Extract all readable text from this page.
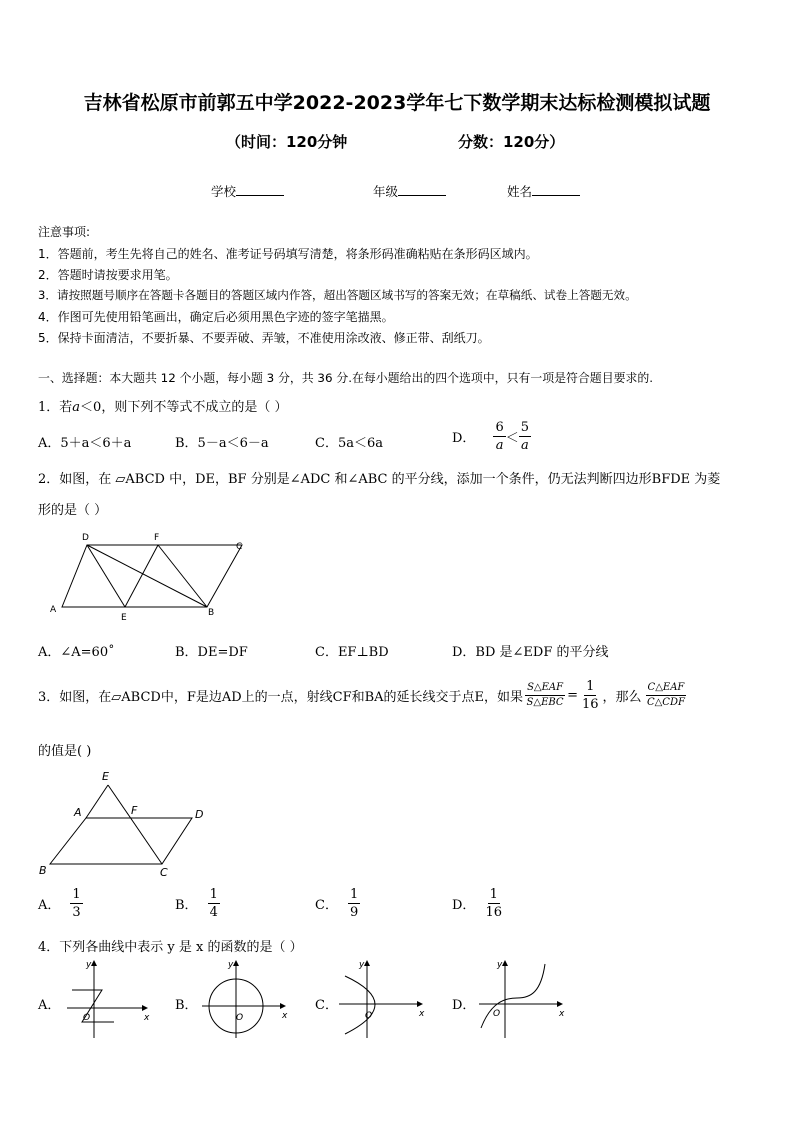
吉林省松原市前郭五中学2022-2023学年七下数学期末达标检测模拟试题
（时间：120分钟	分数：120分）
学校	年级	姓名
注意事项:
1．答题前，考生先将自己的姓名、准考证号码填写清楚，将条形码准确粘贴在条形码区域内。
2．答题时请按要求用笔。
3．请按照题号顺序在答题卡各题目的答题区域内作答，超出答题区域书写的答案无效；在草稿纸、试卷上答题无效。
4．作图可先使用铅笔画出，确定后必须用黑色字迹的签字笔描黑。
5．保持卡面清洁，不要折暴、不要弄破、弄皱，不准使用涂改液、修正带、刮纸刀。
一、选择题：本大题共 12 个小题，每小题 3 分，共 36 分.在每小题给出的四个选项中，只有一项是符合题目要求的.
1．若a＜0，则下列不等式不成立的是（ ）
A．5＋a＜6＋a	B．5－a＜6－a	C．5a＜6a	D． $\frac{6}{a} < \frac{5}{a}$
2．如图，在 ▱ABCD 中，DE，BF 分别是∠ADC 和∠ABC 的平分线，添加一个条件，仍无法判断四边形BFDE 为菱
形的是（ ）
D	F
C
A
E	B
A．∠A=60˚	B．DE=DF	C．EF⊥BD	D．BD 是∠EDF 的平分线
3．如图，在▱ABCD中，F是边AD上的一点，射线CF和BA的延长线交于点E，如果 $\frac{\text{S△EAF}}{\text{S△EBC}} = \frac{1}{16}$ ，那么 $\frac{\text{C△EAF}}{\text{C△CDF}}$
的值是( )
E
A	F	D
B	C
A． $\frac{1}{3}$	B． $\frac{1}{4}$	C． $\frac{1}{9}$	D． $\frac{1}{16}$
4．下列各曲线中表示 y 是 x 的函数的是（ ）
A．
x
y
O
B．
x
y
O
C．
x
y
O
D．
x
y
O
